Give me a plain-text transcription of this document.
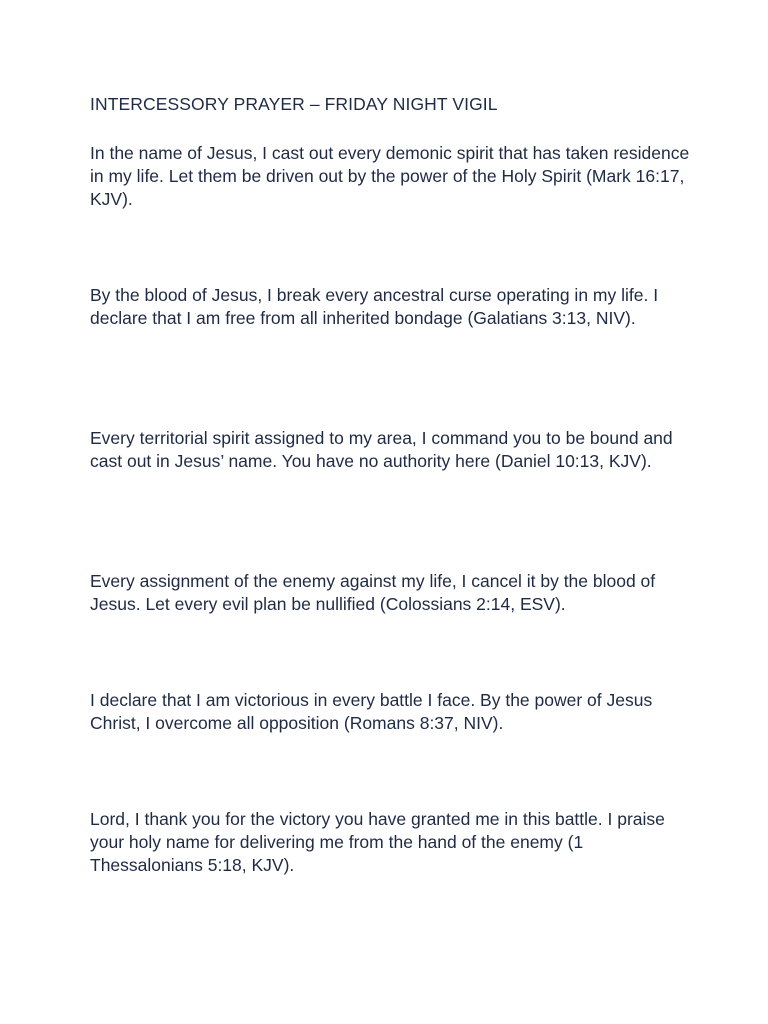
INTERCESSORY PRAYER – FRIDAY NIGHT VIGIL

In the name of Jesus, I cast out every demonic spirit that has taken residence in my life. Let them be driven out by the power of the Holy Spirit (Mark 16:17, KJV).

By the blood of Jesus, I break every ancestral curse operating in my life. I declare that I am free from all inherited bondage (Galatians 3:13, NIV).

Every territorial spirit assigned to my area, I command you to be bound and cast out in Jesus’ name. You have no authority here (Daniel 10:13, KJV).

Every assignment of the enemy against my life, I cancel it by the blood of Jesus. Let every evil plan be nullified (Colossians 2:14, ESV).

I declare that I am victorious in every battle I face. By the power of Jesus Christ, I overcome all opposition (Romans 8:37, NIV).

Lord, I thank you for the victory you have granted me in this battle. I praise your holy name for delivering me from the hand of the enemy (1 Thessalonians 5:18, KJV).
